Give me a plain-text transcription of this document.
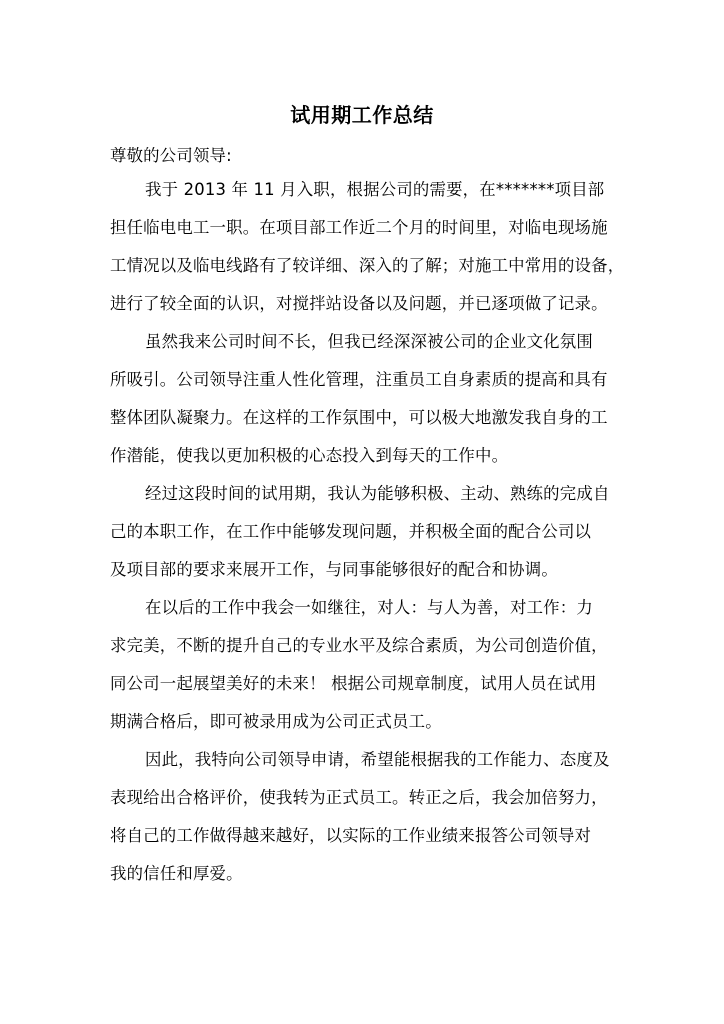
试用期工作总结
尊敬的公司领导:
我于 2013 年 11 月入职，根据公司的需要，在*******项目部
担任临电电工一职。在项目部工作近二个月的时间里，对临电现场施
工情况以及临电线路有了较详细、深入的了解；对施工中常用的设备，
进行了较全面的认识，对搅拌站设备以及问题，并已逐项做了记录。
虽然我来公司时间不长，但我已经深深被公司的企业文化氛围
所吸引。公司领导注重人性化管理，注重员工自身素质的提高和具有
整体团队凝聚力。在这样的工作氛围中，可以极大地激发我自身的工
作潜能，使我以更加积极的心态投入到每天的工作中。
经过这段时间的试用期，我认为能够积极、主动、熟练的完成自
己的本职工作，在工作中能够发现问题，并积极全面的配合公司以
及项目部的要求来展开工作，与同事能够很好的配合和协调。
在以后的工作中我会一如继往，对人：与人为善，对工作：力
求完美，不断的提升自己的专业水平及综合素质，为公司创造价值，
同公司一起展望美好的未来！ 根据公司规章制度，试用人员在试用
期满合格后，即可被录用成为公司正式员工。
因此，我特向公司领导申请，希望能根据我的工作能力、态度及
表现给出合格评价，使我转为正式员工。转正之后，我会加倍努力，
将自己的工作做得越来越好，以实际的工作业绩来报答公司领导对
我的信任和厚爱。
